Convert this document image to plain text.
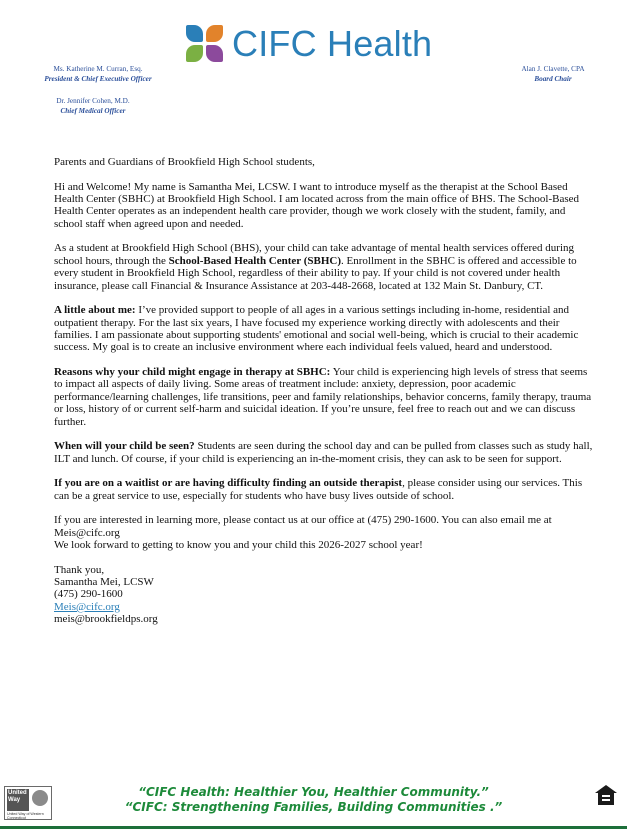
CIFC Health
Ms. Katherine M. Curran, Esq.
President & Chief Executive Officer
Dr. Jennifer Cohen, M.D.
Chief Medical Officer
Alan J. Clavette, CPA
Board Chair

Parents and Guardians of Brookfield High School students,

Hi and Welcome! My name is Samantha Mei, LCSW. I want to introduce myself as the therapist at the School Based Health Center (SBHC) at Brookfield High School. I am located across from the main office of BHS. The School-Based Health Center operates as an independent health care provider, though we work closely with the student, family, and school staff when agreed upon and needed.

As a student at Brookfield High School (BHS), your child can take advantage of mental health services offered during school hours, through the School-Based Health Center (SBHC). Enrollment in the SBHC is offered and accessible to every student in Brookfield High School, regardless of their ability to pay. If your child is not covered under health insurance, please call Financial & Insurance Assistance at 203-448-2668, located at 132 Main St. Danbury, CT.

A little about me: I’ve provided support to people of all ages in a various settings including in-home, residential and outpatient therapy. For the last six years, I have focused my experience working directly with adolescents and their families. I am passionate about supporting students' emotional and social well-being, which is crucial to their academic success. My goal is to create an inclusive environment where each individual feels valued, heard and understood.

Reasons why your child might engage in therapy at SBHC: Your child is experiencing high levels of stress that seems to impact all aspects of daily living. Some areas of treatment include: anxiety, depression, poor academic performance/learning challenges, life transitions, peer and family relationships, behavior concerns, family therapy, trauma or loss, history of or current self-harm and suicidal ideation. If you’re unsure, feel free to reach out and we can discuss further.

When will your child be seen? Students are seen during the school day and can be pulled from classes such as study hall, ILT and lunch. Of course, if your child is experiencing an in-the-moment crisis, they can ask to be seen for support.

If you are on a waitlist or are having difficulty finding an outside therapist, please consider using our services. This can be a great service to use, especially for students who have busy lives outside of school.

If you are interested in learning more, please contact us at our office at (475) 290-1600. You can also email me at Meis@cifc.org
We look forward to getting to know you and your child this 2026-2027 school year!

Thank you,
Samantha Mei, LCSW
(475) 290-1600
Meis@cifc.org
meis@brookfieldps.org

United Way
United Way of Western Connecticut
“CIFC Health: Healthier You, Healthier Community.”
“CIFC: Strengthening Families, Building Communities .”
